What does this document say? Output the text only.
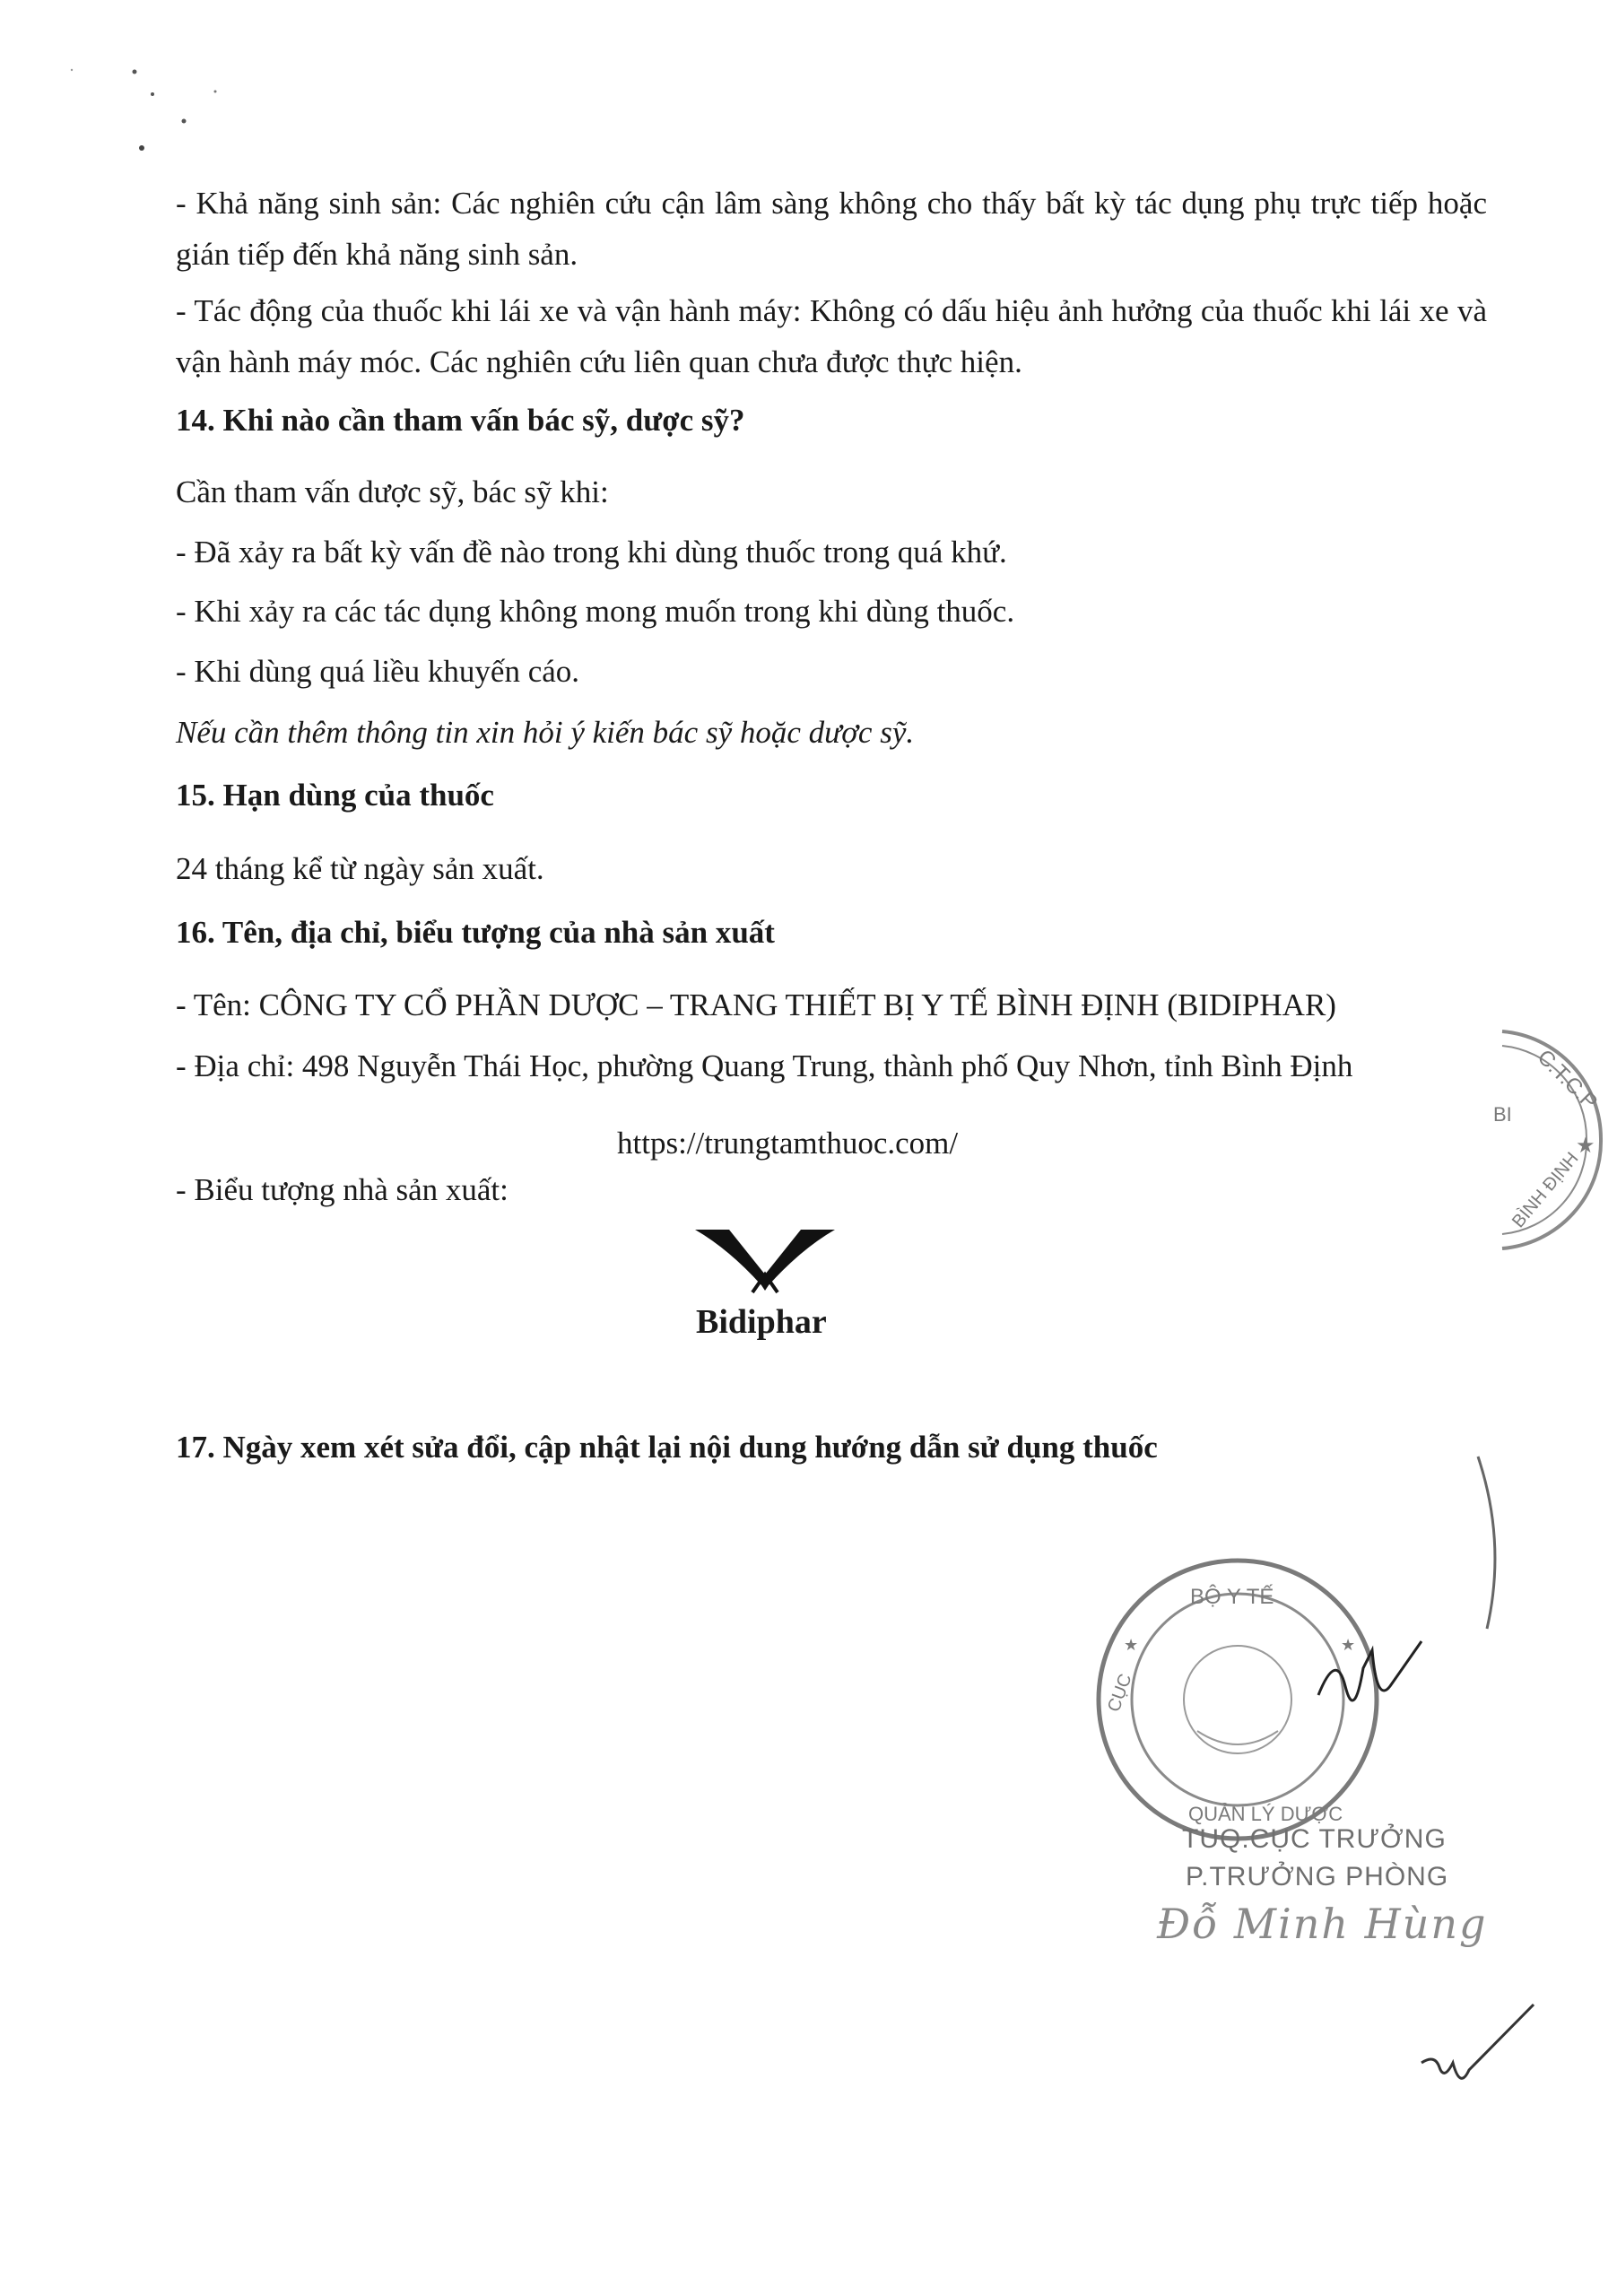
- Khả năng sinh sản: Các nghiên cứu cận lâm sàng không cho thấy bất kỳ tác dụng phụ trực tiếp hoặc gián tiếp đến khả năng sinh sản.
- Tác động của thuốc khi lái xe và vận hành máy: Không có dấu hiệu ảnh hưởng của thuốc khi lái xe và vận hành máy móc. Các nghiên cứu liên quan chưa được thực hiện.
14. Khi nào cần tham vấn bác sỹ, dược sỹ?
Cần tham vấn dược sỹ, bác sỹ khi:
- Đã xảy ra bất kỳ vấn đề nào trong khi dùng thuốc trong quá khứ.
- Khi xảy ra các tác dụng không mong muốn trong khi dùng thuốc.
- Khi dùng quá liều khuyến cáo.
Nếu cần thêm thông tin xin hỏi ý kiến bác sỹ hoặc dược sỹ.
15. Hạn dùng của thuốc
24 tháng kể từ ngày sản xuất.
16. Tên, địa chỉ, biểu tượng của nhà sản xuất
- Tên: CÔNG TY CỔ PHẦN DƯỢC – TRANG THIẾT BỊ Y TẾ BÌNH ĐỊNH (BIDIPHAR)
- Địa chỉ: 498 Nguyễn Thái Học, phường Quang Trung, thành phố Quy Nhơn, tỉnh Bình Định
- Biểu tượng nhà sản xuất:
https://trungtamthuoc.com/
Bidiphar
17. Ngày xem xét sửa đổi, cập nhật lại nội dung hướng dẫn sử dụng thuốc
C.T.C.P
★
BÌNH ĐỊNH
BI
BỘ Y TẾ
CỤC
QUẢN LÝ DƯỢC
★	★
TUQ.CỤC TRƯỞNG
P.TRƯỞNG PHÒNG
Đỗ Minh Hùng
